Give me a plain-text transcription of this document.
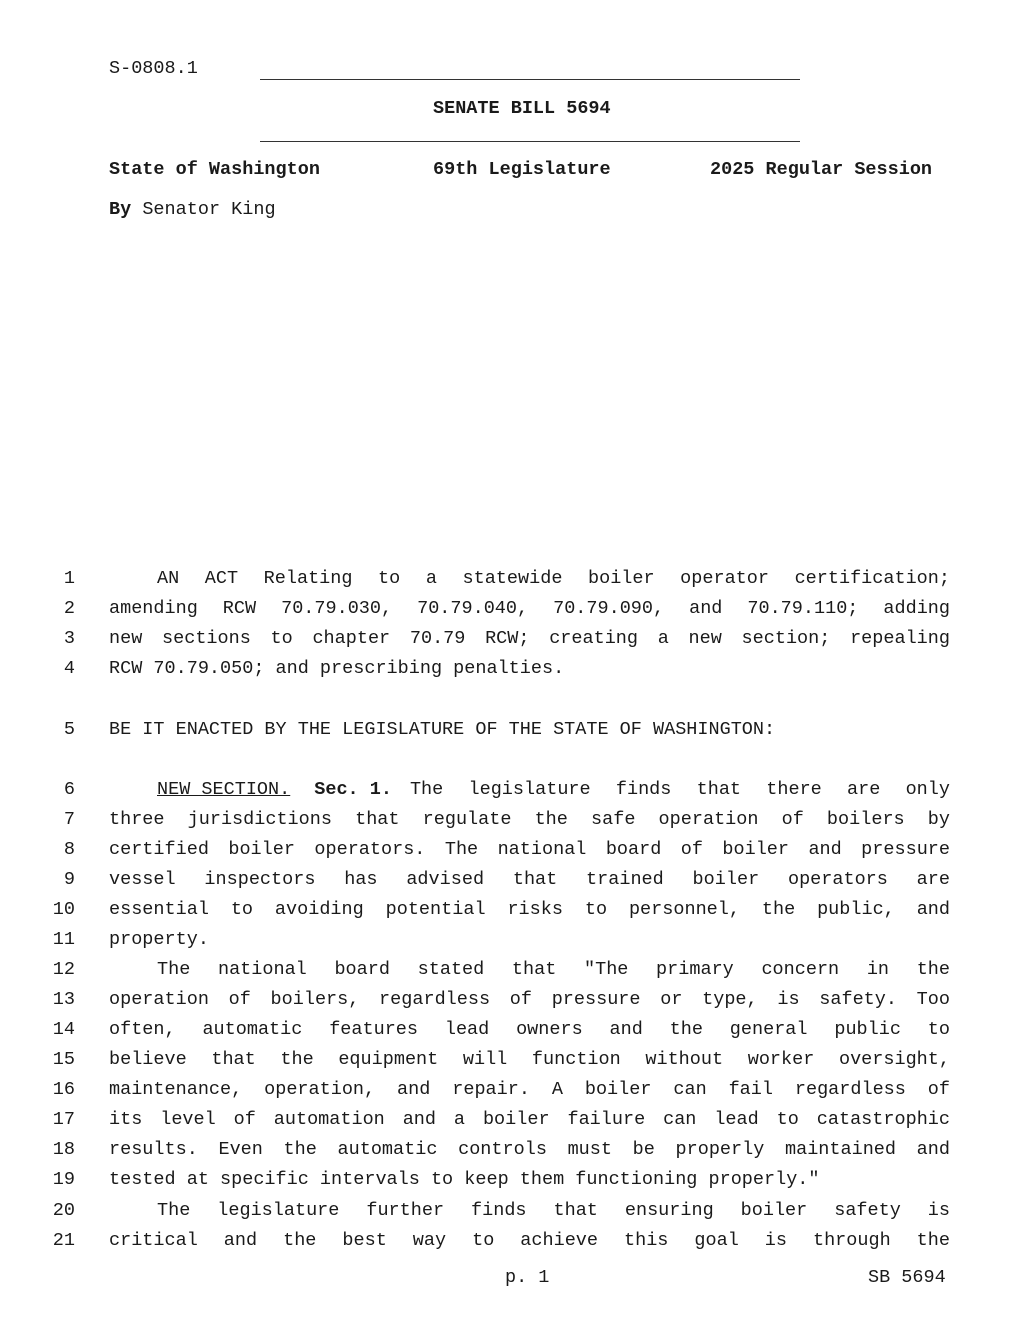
S-0808.1
SENATE BILL 5694
State of Washington	69th Legislature	2025 Regular Session
By Senator King
1	AN ACT Relating to a statewide boiler operator certification;
2 amending RCW 70.79.030, 70.79.040, 70.79.090, and 70.79.110; adding
3 new sections to chapter 70.79 RCW; creating a new section; repealing
4 RCW 70.79.050; and prescribing penalties.
5 BE IT ENACTED BY THE LEGISLATURE OF THE STATE OF WASHINGTON:
6	NEW SECTION. Sec. 1. The legislature finds that there are only
7 three jurisdictions that regulate the safe operation of boilers by
8 certified boiler operators. The national board of boiler and pressure
9 vessel inspectors has advised that trained boiler operators are
10 essential to avoiding potential risks to personnel, the public, and
11 property.
12	The national board stated that "The primary concern in the
13 operation of boilers, regardless of pressure or type, is safety. Too
14 often, automatic features lead owners and the general public to
15 believe that the equipment will function without worker oversight,
16 maintenance, operation, and repair. A boiler can fail regardless of
17 its level of automation and a boiler failure can lead to catastrophic
18 results. Even the automatic controls must be properly maintained and
19 tested at specific intervals to keep them functioning properly."
20	The legislature further finds that ensuring boiler safety is
21 critical and the best way to achieve this goal is through the
p. 1	SB 5694
